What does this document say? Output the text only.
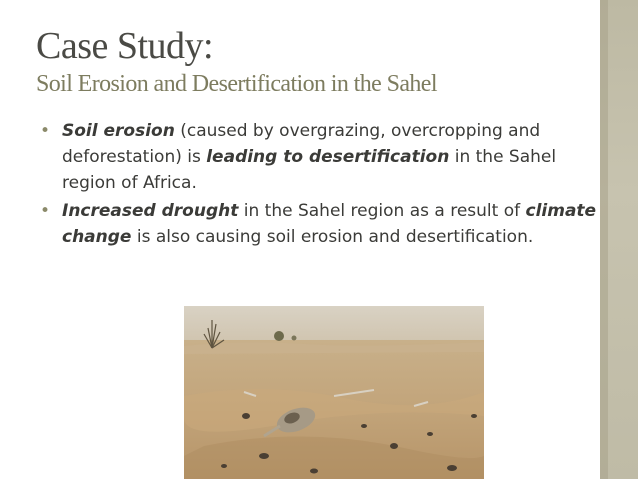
Case Study:
Soil Erosion and Desertification in the Sahel
• Soil erosion (caused by overgrazing, overcropping and deforestation) is leading to desertification in the Sahel region of Africa.
• Increased drought in the Sahel region as a result of climate change is also causing soil erosion and desertification.
